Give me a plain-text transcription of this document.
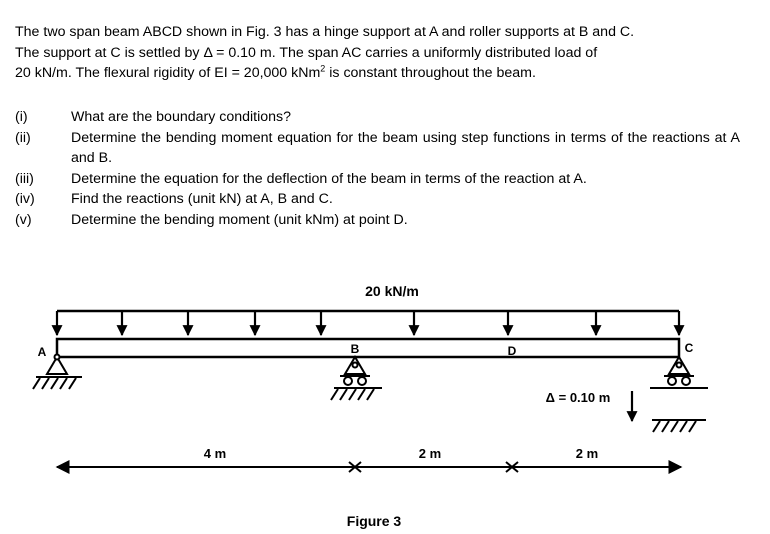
The two span beam ABCD shown in Fig. 3 has a hinge support at A and roller supports at B and C.
The support at C is settled by Δ = 0.10 m. The span AC carries a uniformly distributed load of
20 kN/m. The flexural rigidity of EI = 20,000 kNm$^2$ is constant throughout the beam.
(i)	What are the boundary conditions?
(ii)	Determine the bending moment equation for the beam using step functions in terms of the reactions at A and B.
(iii)	Determine the equation for the deflection of the beam in terms of the reaction at A.
(iv)	Find the reactions (unit kN) at A, B and C.
(v)	Determine the bending moment (unit kNm) at point D.
20 kN/m
A	B	D	C
Δ = 0.10 m
4 m	2 m	2 m
Figure 3
